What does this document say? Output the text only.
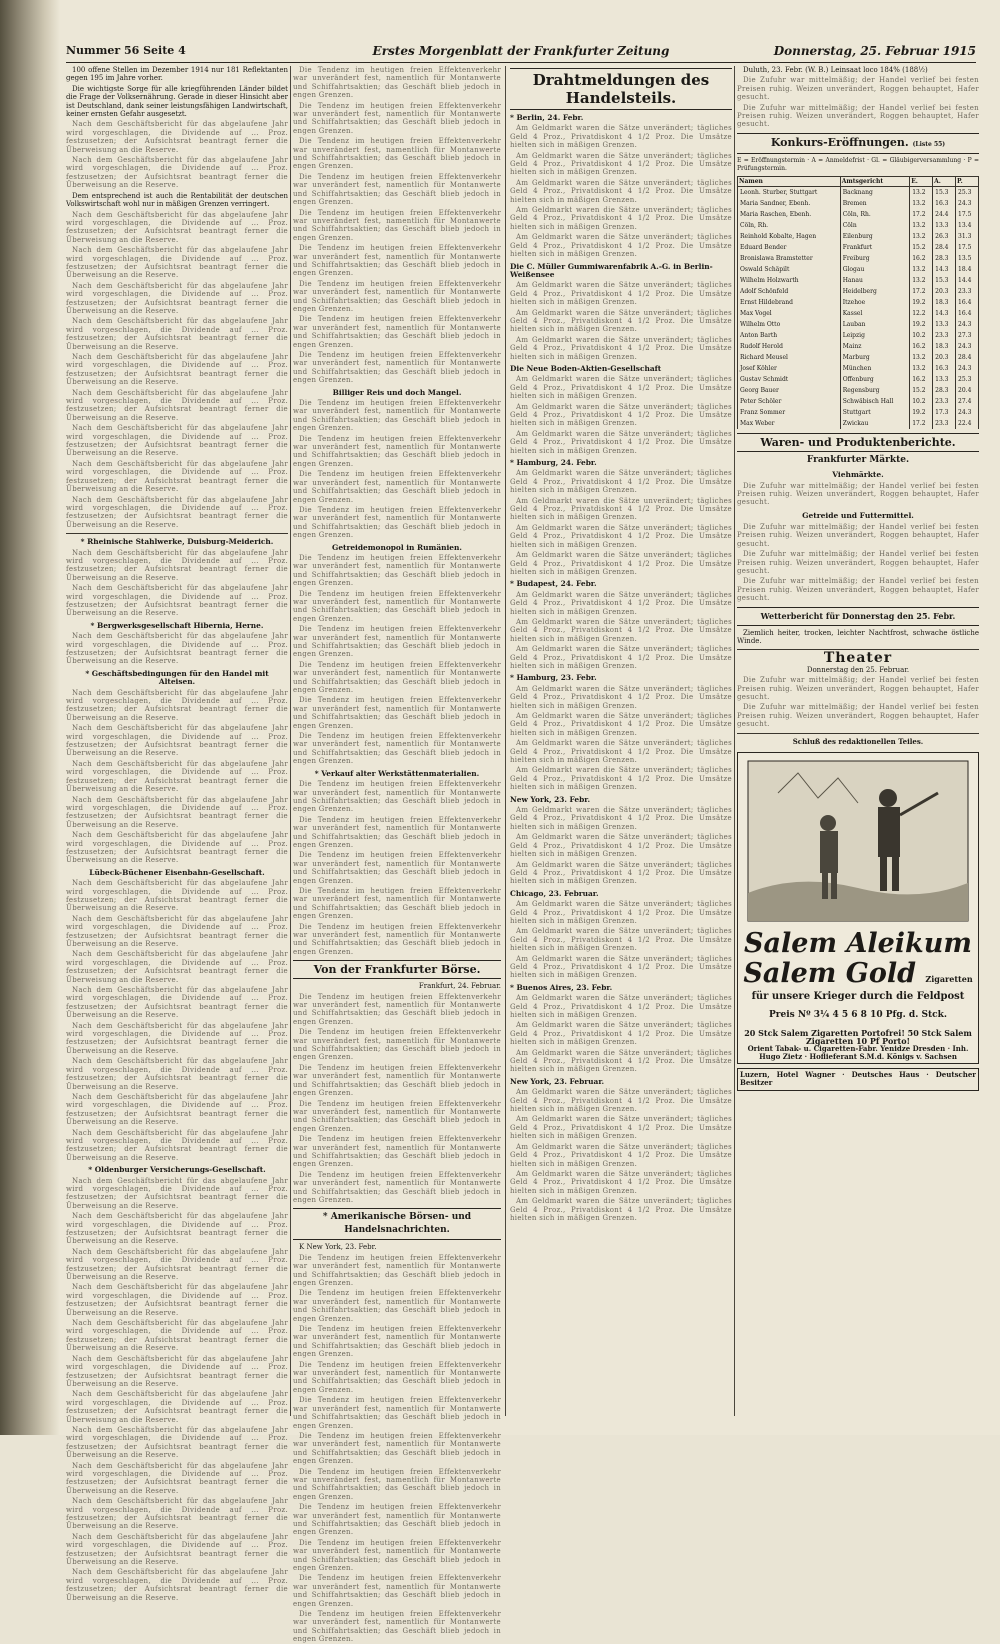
Nummer 56 Seite 4	Erstes Morgenblatt der Frankfurter Zeitung	Donnerstag, 25. Februar 1915

100 offene Stellen im Dezember 1914 nur 181 Reflektanten gegen 195 im Jahre vorher.

Die wichtigste Sorge für alle kriegführenden Länder bildet die Frage der Volksernährung. Gerade in dieser Hinsicht aber ist Deutschland, dank seiner leistungsfähigen Landwirtschaft, keiner ernsten Gefahr ausgesetzt.

Nach dem Geschäftsbericht für das abgelaufene Jahr wird vorgeschlagen, die Dividende auf ... Proz. festzusetzen; der Aufsichtsrat beantragt ferner die Überweisung an die Reserve.

Nach dem Geschäftsbericht für das abgelaufene Jahr wird vorgeschlagen, die Dividende auf ... Proz. festzusetzen; der Aufsichtsrat beantragt ferner die Überweisung an die Reserve.

Dem entsprechend ist auch die Rentabilität der deutschen Volkswirtschaft wohl nur in mäßigen Grenzen verringert.

Nach dem Geschäftsbericht für das abgelaufene Jahr wird vorgeschlagen, die Dividende auf ... Proz. festzusetzen; der Aufsichtsrat beantragt ferner die Überweisung an die Reserve.

Nach dem Geschäftsbericht für das abgelaufene Jahr wird vorgeschlagen, die Dividende auf ... Proz. festzusetzen; der Aufsichtsrat beantragt ferner die Überweisung an die Reserve.

Nach dem Geschäftsbericht für das abgelaufene Jahr wird vorgeschlagen, die Dividende auf ... Proz. festzusetzen; der Aufsichtsrat beantragt ferner die Überweisung an die Reserve.

Nach dem Geschäftsbericht für das abgelaufene Jahr wird vorgeschlagen, die Dividende auf ... Proz. festzusetzen; der Aufsichtsrat beantragt ferner die Überweisung an die Reserve.

Nach dem Geschäftsbericht für das abgelaufene Jahr wird vorgeschlagen, die Dividende auf ... Proz. festzusetzen; der Aufsichtsrat beantragt ferner die Überweisung an die Reserve.

Nach dem Geschäftsbericht für das abgelaufene Jahr wird vorgeschlagen, die Dividende auf ... Proz. festzusetzen; der Aufsichtsrat beantragt ferner die Überweisung an die Reserve.

Nach dem Geschäftsbericht für das abgelaufene Jahr wird vorgeschlagen, die Dividende auf ... Proz. festzusetzen; der Aufsichtsrat beantragt ferner die Überweisung an die Reserve.

Nach dem Geschäftsbericht für das abgelaufene Jahr wird vorgeschlagen, die Dividende auf ... Proz. festzusetzen; der Aufsichtsrat beantragt ferner die Überweisung an die Reserve.

Nach dem Geschäftsbericht für das abgelaufene Jahr wird vorgeschlagen, die Dividende auf ... Proz. festzusetzen; der Aufsichtsrat beantragt ferner die Überweisung an die Reserve.

* Rheinische Stahlwerke, Duisburg-Meiderich.

Nach dem Geschäftsbericht für das abgelaufene Jahr wird vorgeschlagen, die Dividende auf ... Proz. festzusetzen; der Aufsichtsrat beantragt ferner die Überweisung an die Reserve.

Nach dem Geschäftsbericht für das abgelaufene Jahr wird vorgeschlagen, die Dividende auf ... Proz. festzusetzen; der Aufsichtsrat beantragt ferner die Überweisung an die Reserve.

* Bergwerksgesellschaft Hibernia, Herne.

Nach dem Geschäftsbericht für das abgelaufene Jahr wird vorgeschlagen, die Dividende auf ... Proz. festzusetzen; der Aufsichtsrat beantragt ferner die Überweisung an die Reserve.

* Geschäftsbedingungen für den Handel mit Alteisen.

Nach dem Geschäftsbericht für das abgelaufene Jahr wird vorgeschlagen, die Dividende auf ... Proz. festzusetzen; der Aufsichtsrat beantragt ferner die Überweisung an die Reserve.

Nach dem Geschäftsbericht für das abgelaufene Jahr wird vorgeschlagen, die Dividende auf ... Proz. festzusetzen; der Aufsichtsrat beantragt ferner die Überweisung an die Reserve.

Nach dem Geschäftsbericht für das abgelaufene Jahr wird vorgeschlagen, die Dividende auf ... Proz. festzusetzen; der Aufsichtsrat beantragt ferner die Überweisung an die Reserve.

Nach dem Geschäftsbericht für das abgelaufene Jahr wird vorgeschlagen, die Dividende auf ... Proz. festzusetzen; der Aufsichtsrat beantragt ferner die Überweisung an die Reserve.

Nach dem Geschäftsbericht für das abgelaufene Jahr wird vorgeschlagen, die Dividende auf ... Proz. festzusetzen; der Aufsichtsrat beantragt ferner die Überweisung an die Reserve.

Lübeck-Büchener Eisenbahn-Gesellschaft.

Nach dem Geschäftsbericht für das abgelaufene Jahr wird vorgeschlagen, die Dividende auf ... Proz. festzusetzen; der Aufsichtsrat beantragt ferner die Überweisung an die Reserve.

Nach dem Geschäftsbericht für das abgelaufene Jahr wird vorgeschlagen, die Dividende auf ... Proz. festzusetzen; der Aufsichtsrat beantragt ferner die Überweisung an die Reserve.

Nach dem Geschäftsbericht für das abgelaufene Jahr wird vorgeschlagen, die Dividende auf ... Proz. festzusetzen; der Aufsichtsrat beantragt ferner die Überweisung an die Reserve.

Nach dem Geschäftsbericht für das abgelaufene Jahr wird vorgeschlagen, die Dividende auf ... Proz. festzusetzen; der Aufsichtsrat beantragt ferner die Überweisung an die Reserve.

Nach dem Geschäftsbericht für das abgelaufene Jahr wird vorgeschlagen, die Dividende auf ... Proz. festzusetzen; der Aufsichtsrat beantragt ferner die Überweisung an die Reserve.

Nach dem Geschäftsbericht für das abgelaufene Jahr wird vorgeschlagen, die Dividende auf ... Proz. festzusetzen; der Aufsichtsrat beantragt ferner die Überweisung an die Reserve.

Nach dem Geschäftsbericht für das abgelaufene Jahr wird vorgeschlagen, die Dividende auf ... Proz. festzusetzen; der Aufsichtsrat beantragt ferner die Überweisung an die Reserve.

Nach dem Geschäftsbericht für das abgelaufene Jahr wird vorgeschlagen, die Dividende auf ... Proz. festzusetzen; der Aufsichtsrat beantragt ferner die Überweisung an die Reserve.

* Oldenburger Versicherungs-Gesellschaft.

Nach dem Geschäftsbericht für das abgelaufene Jahr wird vorgeschlagen, die Dividende auf ... Proz. festzusetzen; der Aufsichtsrat beantragt ferner die Überweisung an die Reserve.

Nach dem Geschäftsbericht für das abgelaufene Jahr wird vorgeschlagen, die Dividende auf ... Proz. festzusetzen; der Aufsichtsrat beantragt ferner die Überweisung an die Reserve.

Nach dem Geschäftsbericht für das abgelaufene Jahr wird vorgeschlagen, die Dividende auf ... Proz. festzusetzen; der Aufsichtsrat beantragt ferner die Überweisung an die Reserve.

Nach dem Geschäftsbericht für das abgelaufene Jahr wird vorgeschlagen, die Dividende auf ... Proz. festzusetzen; der Aufsichtsrat beantragt ferner die Überweisung an die Reserve.

Nach dem Geschäftsbericht für das abgelaufene Jahr wird vorgeschlagen, die Dividende auf ... Proz. festzusetzen; der Aufsichtsrat beantragt ferner die Überweisung an die Reserve.

Nach dem Geschäftsbericht für das abgelaufene Jahr wird vorgeschlagen, die Dividende auf ... Proz. festzusetzen; der Aufsichtsrat beantragt ferner die Überweisung an die Reserve.

Nach dem Geschäftsbericht für das abgelaufene Jahr wird vorgeschlagen, die Dividende auf ... Proz. festzusetzen; der Aufsichtsrat beantragt ferner die Überweisung an die Reserve.

Nach dem Geschäftsbericht für das abgelaufene Jahr wird vorgeschlagen, die Dividende auf ... Proz. festzusetzen; der Aufsichtsrat beantragt ferner die Überweisung an die Reserve.

Nach dem Geschäftsbericht für das abgelaufene Jahr wird vorgeschlagen, die Dividende auf ... Proz. festzusetzen; der Aufsichtsrat beantragt ferner die Überweisung an die Reserve.

Nach dem Geschäftsbericht für das abgelaufene Jahr wird vorgeschlagen, die Dividende auf ... Proz. festzusetzen; der Aufsichtsrat beantragt ferner die Überweisung an die Reserve.

Nach dem Geschäftsbericht für das abgelaufene Jahr wird vorgeschlagen, die Dividende auf ... Proz. festzusetzen; der Aufsichtsrat beantragt ferner die Überweisung an die Reserve.

Nach dem Geschäftsbericht für das abgelaufene Jahr wird vorgeschlagen, die Dividende auf ... Proz. festzusetzen; der Aufsichtsrat beantragt ferner die Überweisung an die Reserve.

Die Tendenz im heutigen freien Effektenverkehr war unverändert fest, namentlich für Montanwerte und Schiffahrtsaktien; das Geschäft blieb jedoch in engen Grenzen.

Die Tendenz im heutigen freien Effektenverkehr war unverändert fest, namentlich für Montanwerte und Schiffahrtsaktien; das Geschäft blieb jedoch in engen Grenzen.

Die Tendenz im heutigen freien Effektenverkehr war unverändert fest, namentlich für Montanwerte und Schiffahrtsaktien; das Geschäft blieb jedoch in engen Grenzen.

Die Tendenz im heutigen freien Effektenverkehr war unverändert fest, namentlich für Montanwerte und Schiffahrtsaktien; das Geschäft blieb jedoch in engen Grenzen.

Die Tendenz im heutigen freien Effektenverkehr war unverändert fest, namentlich für Montanwerte und Schiffahrtsaktien; das Geschäft blieb jedoch in engen Grenzen.

Die Tendenz im heutigen freien Effektenverkehr war unverändert fest, namentlich für Montanwerte und Schiffahrtsaktien; das Geschäft blieb jedoch in engen Grenzen.

Die Tendenz im heutigen freien Effektenverkehr war unverändert fest, namentlich für Montanwerte und Schiffahrtsaktien; das Geschäft blieb jedoch in engen Grenzen.

Die Tendenz im heutigen freien Effektenverkehr war unverändert fest, namentlich für Montanwerte und Schiffahrtsaktien; das Geschäft blieb jedoch in engen Grenzen.

Die Tendenz im heutigen freien Effektenverkehr war unverändert fest, namentlich für Montanwerte und Schiffahrtsaktien; das Geschäft blieb jedoch in engen Grenzen.

Billiger Reis und doch Mangel.

Die Tendenz im heutigen freien Effektenverkehr war unverändert fest, namentlich für Montanwerte und Schiffahrtsaktien; das Geschäft blieb jedoch in engen Grenzen.

Die Tendenz im heutigen freien Effektenverkehr war unverändert fest, namentlich für Montanwerte und Schiffahrtsaktien; das Geschäft blieb jedoch in engen Grenzen.

Die Tendenz im heutigen freien Effektenverkehr war unverändert fest, namentlich für Montanwerte und Schiffahrtsaktien; das Geschäft blieb jedoch in engen Grenzen.

Die Tendenz im heutigen freien Effektenverkehr war unverändert fest, namentlich für Montanwerte und Schiffahrtsaktien; das Geschäft blieb jedoch in engen Grenzen.

Getreidemonopol in Rumänien.

Die Tendenz im heutigen freien Effektenverkehr war unverändert fest, namentlich für Montanwerte und Schiffahrtsaktien; das Geschäft blieb jedoch in engen Grenzen.

Die Tendenz im heutigen freien Effektenverkehr war unverändert fest, namentlich für Montanwerte und Schiffahrtsaktien; das Geschäft blieb jedoch in engen Grenzen.

Die Tendenz im heutigen freien Effektenverkehr war unverändert fest, namentlich für Montanwerte und Schiffahrtsaktien; das Geschäft blieb jedoch in engen Grenzen.

Die Tendenz im heutigen freien Effektenverkehr war unverändert fest, namentlich für Montanwerte und Schiffahrtsaktien; das Geschäft blieb jedoch in engen Grenzen.

Die Tendenz im heutigen freien Effektenverkehr war unverändert fest, namentlich für Montanwerte und Schiffahrtsaktien; das Geschäft blieb jedoch in engen Grenzen.

Die Tendenz im heutigen freien Effektenverkehr war unverändert fest, namentlich für Montanwerte und Schiffahrtsaktien; das Geschäft blieb jedoch in engen Grenzen.

* Verkauf alter Werkstättenmaterialien.

Die Tendenz im heutigen freien Effektenverkehr war unverändert fest, namentlich für Montanwerte und Schiffahrtsaktien; das Geschäft blieb jedoch in engen Grenzen.

Die Tendenz im heutigen freien Effektenverkehr war unverändert fest, namentlich für Montanwerte und Schiffahrtsaktien; das Geschäft blieb jedoch in engen Grenzen.

Die Tendenz im heutigen freien Effektenverkehr war unverändert fest, namentlich für Montanwerte und Schiffahrtsaktien; das Geschäft blieb jedoch in engen Grenzen.

Die Tendenz im heutigen freien Effektenverkehr war unverändert fest, namentlich für Montanwerte und Schiffahrtsaktien; das Geschäft blieb jedoch in engen Grenzen.

Die Tendenz im heutigen freien Effektenverkehr war unverändert fest, namentlich für Montanwerte und Schiffahrtsaktien; das Geschäft blieb jedoch in engen Grenzen.

Von der Frankfurter Börse.

Frankfurt, 24. Februar.

Die Tendenz im heutigen freien Effektenverkehr war unverändert fest, namentlich für Montanwerte und Schiffahrtsaktien; das Geschäft blieb jedoch in engen Grenzen.

Die Tendenz im heutigen freien Effektenverkehr war unverändert fest, namentlich für Montanwerte und Schiffahrtsaktien; das Geschäft blieb jedoch in engen Grenzen.

Die Tendenz im heutigen freien Effektenverkehr war unverändert fest, namentlich für Montanwerte und Schiffahrtsaktien; das Geschäft blieb jedoch in engen Grenzen.

Die Tendenz im heutigen freien Effektenverkehr war unverändert fest, namentlich für Montanwerte und Schiffahrtsaktien; das Geschäft blieb jedoch in engen Grenzen.

Die Tendenz im heutigen freien Effektenverkehr war unverändert fest, namentlich für Montanwerte und Schiffahrtsaktien; das Geschäft blieb jedoch in engen Grenzen.

Die Tendenz im heutigen freien Effektenverkehr war unverändert fest, namentlich für Montanwerte und Schiffahrtsaktien; das Geschäft blieb jedoch in engen Grenzen.

* Amerikanische Börsen- und Handelsnachrichten.

K New York, 23. Febr.

Die Tendenz im heutigen freien Effektenverkehr war unverändert fest, namentlich für Montanwerte und Schiffahrtsaktien; das Geschäft blieb jedoch in engen Grenzen.

Die Tendenz im heutigen freien Effektenverkehr war unverändert fest, namentlich für Montanwerte und Schiffahrtsaktien; das Geschäft blieb jedoch in engen Grenzen.

Die Tendenz im heutigen freien Effektenverkehr war unverändert fest, namentlich für Montanwerte und Schiffahrtsaktien; das Geschäft blieb jedoch in engen Grenzen.

Die Tendenz im heutigen freien Effektenverkehr war unverändert fest, namentlich für Montanwerte und Schiffahrtsaktien; das Geschäft blieb jedoch in engen Grenzen.

Die Tendenz im heutigen freien Effektenverkehr war unverändert fest, namentlich für Montanwerte und Schiffahrtsaktien; das Geschäft blieb jedoch in engen Grenzen.

Die Tendenz im heutigen freien Effektenverkehr war unverändert fest, namentlich für Montanwerte und Schiffahrtsaktien; das Geschäft blieb jedoch in engen Grenzen.

Die Tendenz im heutigen freien Effektenverkehr war unverändert fest, namentlich für Montanwerte und Schiffahrtsaktien; das Geschäft blieb jedoch in engen Grenzen.

Die Tendenz im heutigen freien Effektenverkehr war unverändert fest, namentlich für Montanwerte und Schiffahrtsaktien; das Geschäft blieb jedoch in engen Grenzen.

Die Tendenz im heutigen freien Effektenverkehr war unverändert fest, namentlich für Montanwerte und Schiffahrtsaktien; das Geschäft blieb jedoch in engen Grenzen.

Die Tendenz im heutigen freien Effektenverkehr war unverändert fest, namentlich für Montanwerte und Schiffahrtsaktien; das Geschäft blieb jedoch in engen Grenzen.

Die Tendenz im heutigen freien Effektenverkehr war unverändert fest, namentlich für Montanwerte und Schiffahrtsaktien; das Geschäft blieb jedoch in engen Grenzen.

Drahtmeldungen des Handelsteils.
* Berlin, 24. Febr.

Am Geldmarkt waren die Sätze unverändert; tägliches Geld 4 Proz., Privatdiskont 4 1/2 Proz. Die Umsätze hielten sich in mäßigen Grenzen.

Am Geldmarkt waren die Sätze unverändert; tägliches Geld 4 Proz., Privatdiskont 4 1/2 Proz. Die Umsätze hielten sich in mäßigen Grenzen.

Am Geldmarkt waren die Sätze unverändert; tägliches Geld 4 Proz., Privatdiskont 4 1/2 Proz. Die Umsätze hielten sich in mäßigen Grenzen.

Am Geldmarkt waren die Sätze unverändert; tägliches Geld 4 Proz., Privatdiskont 4 1/2 Proz. Die Umsätze hielten sich in mäßigen Grenzen.

Am Geldmarkt waren die Sätze unverändert; tägliches Geld 4 Proz., Privatdiskont 4 1/2 Proz. Die Umsätze hielten sich in mäßigen Grenzen.

Die C. Müller Gummiwarenfabrik A.-G. in Berlin-Weißensee

Am Geldmarkt waren die Sätze unverändert; tägliches Geld 4 Proz., Privatdiskont 4 1/2 Proz. Die Umsätze hielten sich in mäßigen Grenzen.

Am Geldmarkt waren die Sätze unverändert; tägliches Geld 4 Proz., Privatdiskont 4 1/2 Proz. Die Umsätze hielten sich in mäßigen Grenzen.

Am Geldmarkt waren die Sätze unverändert; tägliches Geld 4 Proz., Privatdiskont 4 1/2 Proz. Die Umsätze hielten sich in mäßigen Grenzen.

Die Neue Boden-Aktien-Gesellschaft

Am Geldmarkt waren die Sätze unverändert; tägliches Geld 4 Proz., Privatdiskont 4 1/2 Proz. Die Umsätze hielten sich in mäßigen Grenzen.

Am Geldmarkt waren die Sätze unverändert; tägliches Geld 4 Proz., Privatdiskont 4 1/2 Proz. Die Umsätze hielten sich in mäßigen Grenzen.

Am Geldmarkt waren die Sätze unverändert; tägliches Geld 4 Proz., Privatdiskont 4 1/2 Proz. Die Umsätze hielten sich in mäßigen Grenzen.

* Hamburg, 24. Febr.

Am Geldmarkt waren die Sätze unverändert; tägliches Geld 4 Proz., Privatdiskont 4 1/2 Proz. Die Umsätze hielten sich in mäßigen Grenzen.

Am Geldmarkt waren die Sätze unverändert; tägliches Geld 4 Proz., Privatdiskont 4 1/2 Proz. Die Umsätze hielten sich in mäßigen Grenzen.

Am Geldmarkt waren die Sätze unverändert; tägliches Geld 4 Proz., Privatdiskont 4 1/2 Proz. Die Umsätze hielten sich in mäßigen Grenzen.

Am Geldmarkt waren die Sätze unverändert; tägliches Geld 4 Proz., Privatdiskont 4 1/2 Proz. Die Umsätze hielten sich in mäßigen Grenzen.

* Budapest, 24. Febr.

Am Geldmarkt waren die Sätze unverändert; tägliches Geld 4 Proz., Privatdiskont 4 1/2 Proz. Die Umsätze hielten sich in mäßigen Grenzen.

Am Geldmarkt waren die Sätze unverändert; tägliches Geld 4 Proz., Privatdiskont 4 1/2 Proz. Die Umsätze hielten sich in mäßigen Grenzen.

Am Geldmarkt waren die Sätze unverändert; tägliches Geld 4 Proz., Privatdiskont 4 1/2 Proz. Die Umsätze hielten sich in mäßigen Grenzen.

* Hamburg, 23. Febr.

Am Geldmarkt waren die Sätze unverändert; tägliches Geld 4 Proz., Privatdiskont 4 1/2 Proz. Die Umsätze hielten sich in mäßigen Grenzen.

Am Geldmarkt waren die Sätze unverändert; tägliches Geld 4 Proz., Privatdiskont 4 1/2 Proz. Die Umsätze hielten sich in mäßigen Grenzen.

Am Geldmarkt waren die Sätze unverändert; tägliches Geld 4 Proz., Privatdiskont 4 1/2 Proz. Die Umsätze hielten sich in mäßigen Grenzen.

Am Geldmarkt waren die Sätze unverändert; tägliches Geld 4 Proz., Privatdiskont 4 1/2 Proz. Die Umsätze hielten sich in mäßigen Grenzen.

New York, 23. Febr.

Am Geldmarkt waren die Sätze unverändert; tägliches Geld 4 Proz., Privatdiskont 4 1/2 Proz. Die Umsätze hielten sich in mäßigen Grenzen.

Am Geldmarkt waren die Sätze unverändert; tägliches Geld 4 Proz., Privatdiskont 4 1/2 Proz. Die Umsätze hielten sich in mäßigen Grenzen.

Am Geldmarkt waren die Sätze unverändert; tägliches Geld 4 Proz., Privatdiskont 4 1/2 Proz. Die Umsätze hielten sich in mäßigen Grenzen.

Chicago, 23. Februar.

Am Geldmarkt waren die Sätze unverändert; tägliches Geld 4 Proz., Privatdiskont 4 1/2 Proz. Die Umsätze hielten sich in mäßigen Grenzen.

Am Geldmarkt waren die Sätze unverändert; tägliches Geld 4 Proz., Privatdiskont 4 1/2 Proz. Die Umsätze hielten sich in mäßigen Grenzen.

Am Geldmarkt waren die Sätze unverändert; tägliches Geld 4 Proz., Privatdiskont 4 1/2 Proz. Die Umsätze hielten sich in mäßigen Grenzen.

* Buenos Aires, 23. Febr.

Am Geldmarkt waren die Sätze unverändert; tägliches Geld 4 Proz., Privatdiskont 4 1/2 Proz. Die Umsätze hielten sich in mäßigen Grenzen.

Am Geldmarkt waren die Sätze unverändert; tägliches Geld 4 Proz., Privatdiskont 4 1/2 Proz. Die Umsätze hielten sich in mäßigen Grenzen.

Am Geldmarkt waren die Sätze unverändert; tägliches Geld 4 Proz., Privatdiskont 4 1/2 Proz. Die Umsätze hielten sich in mäßigen Grenzen.

New York, 23. Februar.

Am Geldmarkt waren die Sätze unverändert; tägliches Geld 4 Proz., Privatdiskont 4 1/2 Proz. Die Umsätze hielten sich in mäßigen Grenzen.

Am Geldmarkt waren die Sätze unverändert; tägliches Geld 4 Proz., Privatdiskont 4 1/2 Proz. Die Umsätze hielten sich in mäßigen Grenzen.

Am Geldmarkt waren die Sätze unverändert; tägliches Geld 4 Proz., Privatdiskont 4 1/2 Proz. Die Umsätze hielten sich in mäßigen Grenzen.

Am Geldmarkt waren die Sätze unverändert; tägliches Geld 4 Proz., Privatdiskont 4 1/2 Proz. Die Umsätze hielten sich in mäßigen Grenzen.

Am Geldmarkt waren die Sätze unverändert; tägliches Geld 4 Proz., Privatdiskont 4 1/2 Proz. Die Umsätze hielten sich in mäßigen Grenzen.

Duluth, 23. Febr. (W. B.) Leinsaat loco 184% (188½)

Die Zufuhr war mittelmäßig; der Handel verlief bei festen Preisen ruhig. Weizen unverändert, Roggen behauptet, Hafer gesucht.

Die Zufuhr war mittelmäßig; der Handel verlief bei festen Preisen ruhig. Weizen unverändert, Roggen behauptet, Hafer gesucht.

Konkurs-Eröffnungen. (Liste 55)

E = Eröffnungstermin · A = Anmeldefrist · Gl. = Gläubigerversammlung · P = Prüfungstermin.

Namen	Amtsgericht	E.	A.	P.
Leonh. Sturber, Stuttgart	Backnang	13.2	15.3	25.3
Maria Sandner, Ebenh.	Bremen	13.2	16.3	24.3
Maria Raschen, Ebenh.	Cöln, Rh.	17.2	24.4	17.5
Cöln, Rh.	Cöln	13.2	13.3	13.4
Reinhold Kobalte, Hagen	Eilenburg	13.2	26.3	31.3
Eduard Bender	Frankfurt	15.2	28.4	17.5
Bronislawa Bramstetter	Freiburg	16.2	28.3	13.5
Oswald Schäpilt	Glogau	13.2	14.3	18.4
Wilhelm Holzwarth	Hanau	13.2	15.3	14.4
Adolf Schönfeld	Heidelberg	17.2	20.3	23.3
Ernst Hildebrand	Itzehoe	19.2	18.3	16.4
Max Vogel	Kassel	12.2	14.3	16.4
Wilhelm Otto	Lauban	19.2	13.3	24.3
Anton Barth	Leipzig	10.2	23.3	27.3
Rudolf Herold	Mainz	16.2	18.3	24.3
Richard Meusel	Marburg	13.2	20.3	28.4
Josef Köhler	München	13.2	16.3	24.3
Gustav Schmidt	Offenburg	16.2	13.3	25.3
Georg Bauer	Regensburg	15.2	28.3	20.4
Peter Schöler	Schwäbisch Hall	10.2	23.3	27.4
Franz Sommer	Stuttgart	19.2	17.3	24.3
Max Weber	Zwickau	17.2	23.3	22.4
Waren- und Produktenberichte.
Frankfurter Märkte.
Viehmärkte.

Die Zufuhr war mittelmäßig; der Handel verlief bei festen Preisen ruhig. Weizen unverändert, Roggen behauptet, Hafer gesucht.

Getreide und Futtermittel.

Die Zufuhr war mittelmäßig; der Handel verlief bei festen Preisen ruhig. Weizen unverändert, Roggen behauptet, Hafer gesucht.

Die Zufuhr war mittelmäßig; der Handel verlief bei festen Preisen ruhig. Weizen unverändert, Roggen behauptet, Hafer gesucht.

Die Zufuhr war mittelmäßig; der Handel verlief bei festen Preisen ruhig. Weizen unverändert, Roggen behauptet, Hafer gesucht.

Wetterbericht für Donnerstag den 25. Febr.

Ziemlich heiter, trocken, leichter Nachtfrost, schwache östliche Winde.

Theater

Donnerstag den 25. Februar.

Die Zufuhr war mittelmäßig; der Handel verlief bei festen Preisen ruhig. Weizen unverändert, Roggen behauptet, Hafer gesucht.

Die Zufuhr war mittelmäßig; der Handel verlief bei festen Preisen ruhig. Weizen unverändert, Roggen behauptet, Hafer gesucht.

Schluß des redaktionellen Teiles.

Salem Aleikum
Salem Gold Zigaretten
für unsere Krieger durch die Feldpost
Preis Nº 3¼ 4 5 6 8 10 Pfg. d. Stck.
20 Stck Salem Zigaretten Portofrei! 50 Stck Salem Zigaretten 10 Pf Porto!
Orient Tabak- u. Cigaretten-Fabr. Yenidze Dresden · Inh. Hugo Zietz · Hoflieferant S.M.d. Königs v. Sachsen
Luzern, Hotel Wagner · Deutsches Haus · Deutscher Besitzer
